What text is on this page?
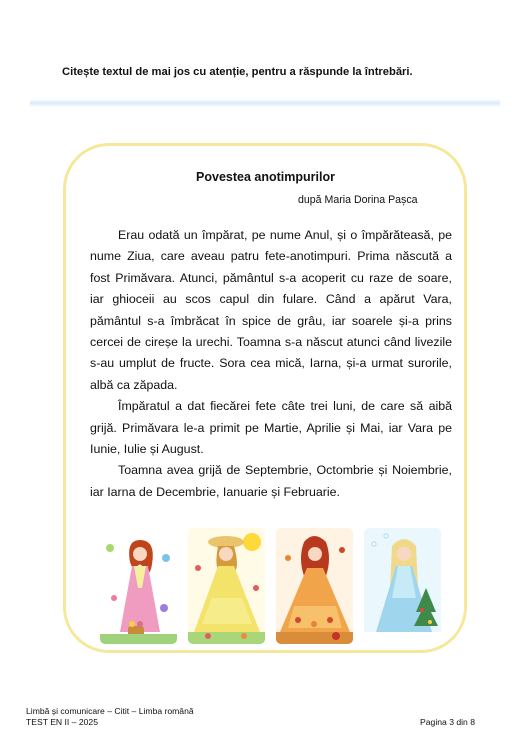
Citește textul de mai jos cu atenție, pentru a răspunde la întrebări.
Povestea anotimpurilor
după Maria Dorina Pașca

Erau odată un împărat, pe nume Anul, și o împărăteasă, pe nume Ziua, care aveau patru fete-anotimpuri. Prima născută a fost Primăvara. Atunci, pământul s-a acoperit cu raze de soare, iar ghioceii au scos capul din fulare. Când a apărut Vara, pământul s-a îmbrăcat în spice de grâu, iar soarele și-a prins cercei de cireșe la urechi. Toamna s-a născut atunci când livezile s-au umplut de fructe. Sora cea mică, Iarna, și-a urmat surorile, albă ca zăpada.

Împăratul a dat fiecărei fete câte trei luni, de care să aibă grijă. Primăvara le-a primit pe Martie, Aprilie și Mai, iar Vara pe Iunie, Iulie și August.

Toamna avea grijă de Septembrie, Octombrie și Noiembrie, iar Iarna de Decembrie, Ianuarie și Februarie.

Limbă și comunicare – Citit – Limba română
TEST EN II – 2025	Pagina 3 din 8
